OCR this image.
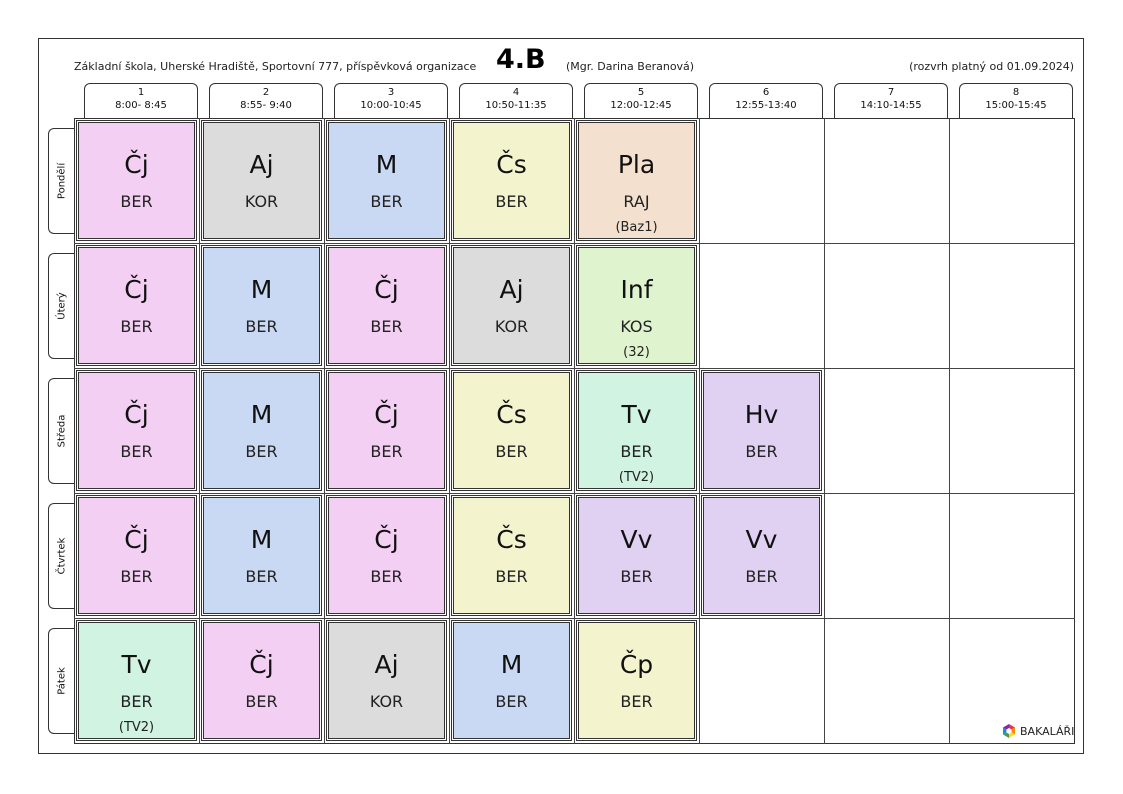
Základní škola, Uherské Hradiště, Sportovní 777, příspěvková organizace 4.B (Mgr. Darina Beranová)	(rozvrh platný od 01.09.2024)
1
8:00- 8:45
2
8:55- 9:40
3
10:00-10:45
4
10:50-11:35
5
12:00-12:45
6
12:55-13:40
7
14:10-14:55
8
15:00-15:45
Pondělí
Úterý
Středa
Čtvrtek
Pátek
Čj
BER
Aj
KOR
M
BER
Čs
BER
Pla
RAJ
(Baz1)
Čj
BER
M
BER
Čj
BER
Aj
KOR
Inf
KOS
(32)
Čj
BER
M
BER
Čj
BER
Čs
BER
Tv
BER
(TV2)
Hv
BER
Čj
BER
M
BER
Čj
BER
Čs
BER
Vv
BER
Vv
BER
Tv
BER
(TV2)
Čj
BER
Aj
KOR
M
BER
Čp
BER
BAKALÁŘI
